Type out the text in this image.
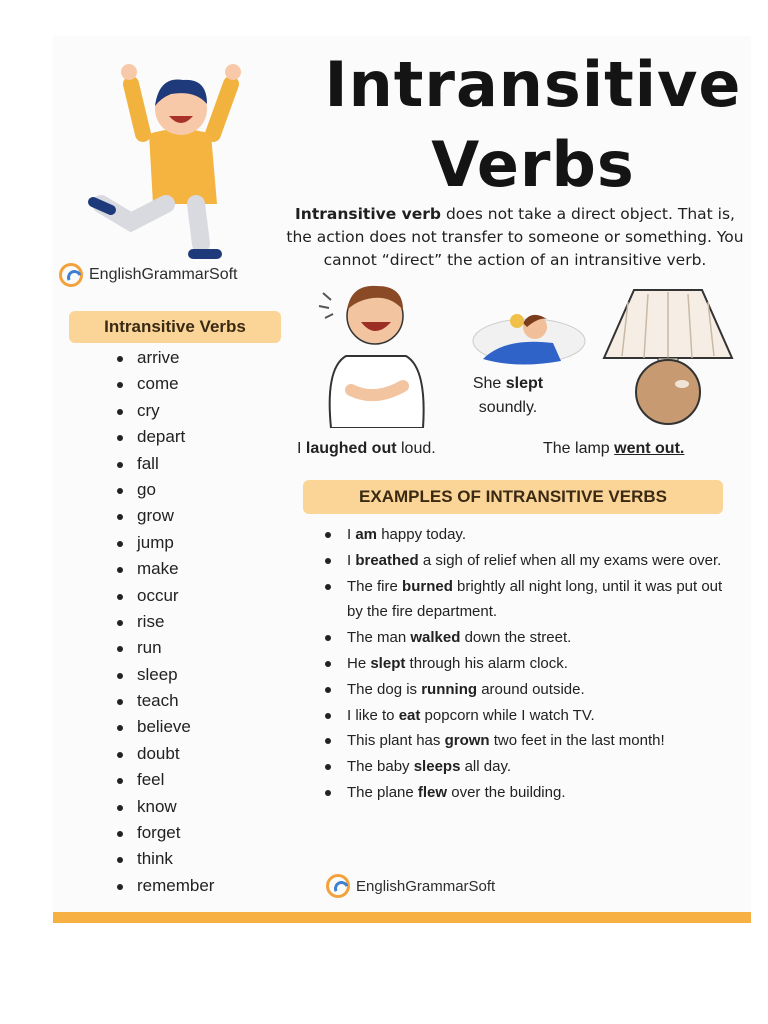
Intransitive
Verbs
Intransitive verb does not take a direct object. That is, the action does not transfer to someone or something. You cannot “direct” the action of an intransitive verb.
EnglishGrammarSoft
Intransitive Verbs
arrive
come
cry
depart
fall
go
grow
jump
make
occur
rise
run
sleep
teach
believe
doubt
feel
know
forget
think
remember
I laughed out loud.
She slept
soundly.
The lamp went out.
EXAMPLES OF INTRANSITIVE VERBS
I am happy today.
I breathed a sigh of relief when all my exams were over.
The fire burned brightly all night long, until it was put out by the fire department.
The man walked down the street.
He slept through his alarm clock.
The dog is running around outside.
I like to eat popcorn while I watch TV.
This plant has grown two feet in the last month!
The baby sleeps all day.
The plane flew over the building.
EnglishGrammarSoft
